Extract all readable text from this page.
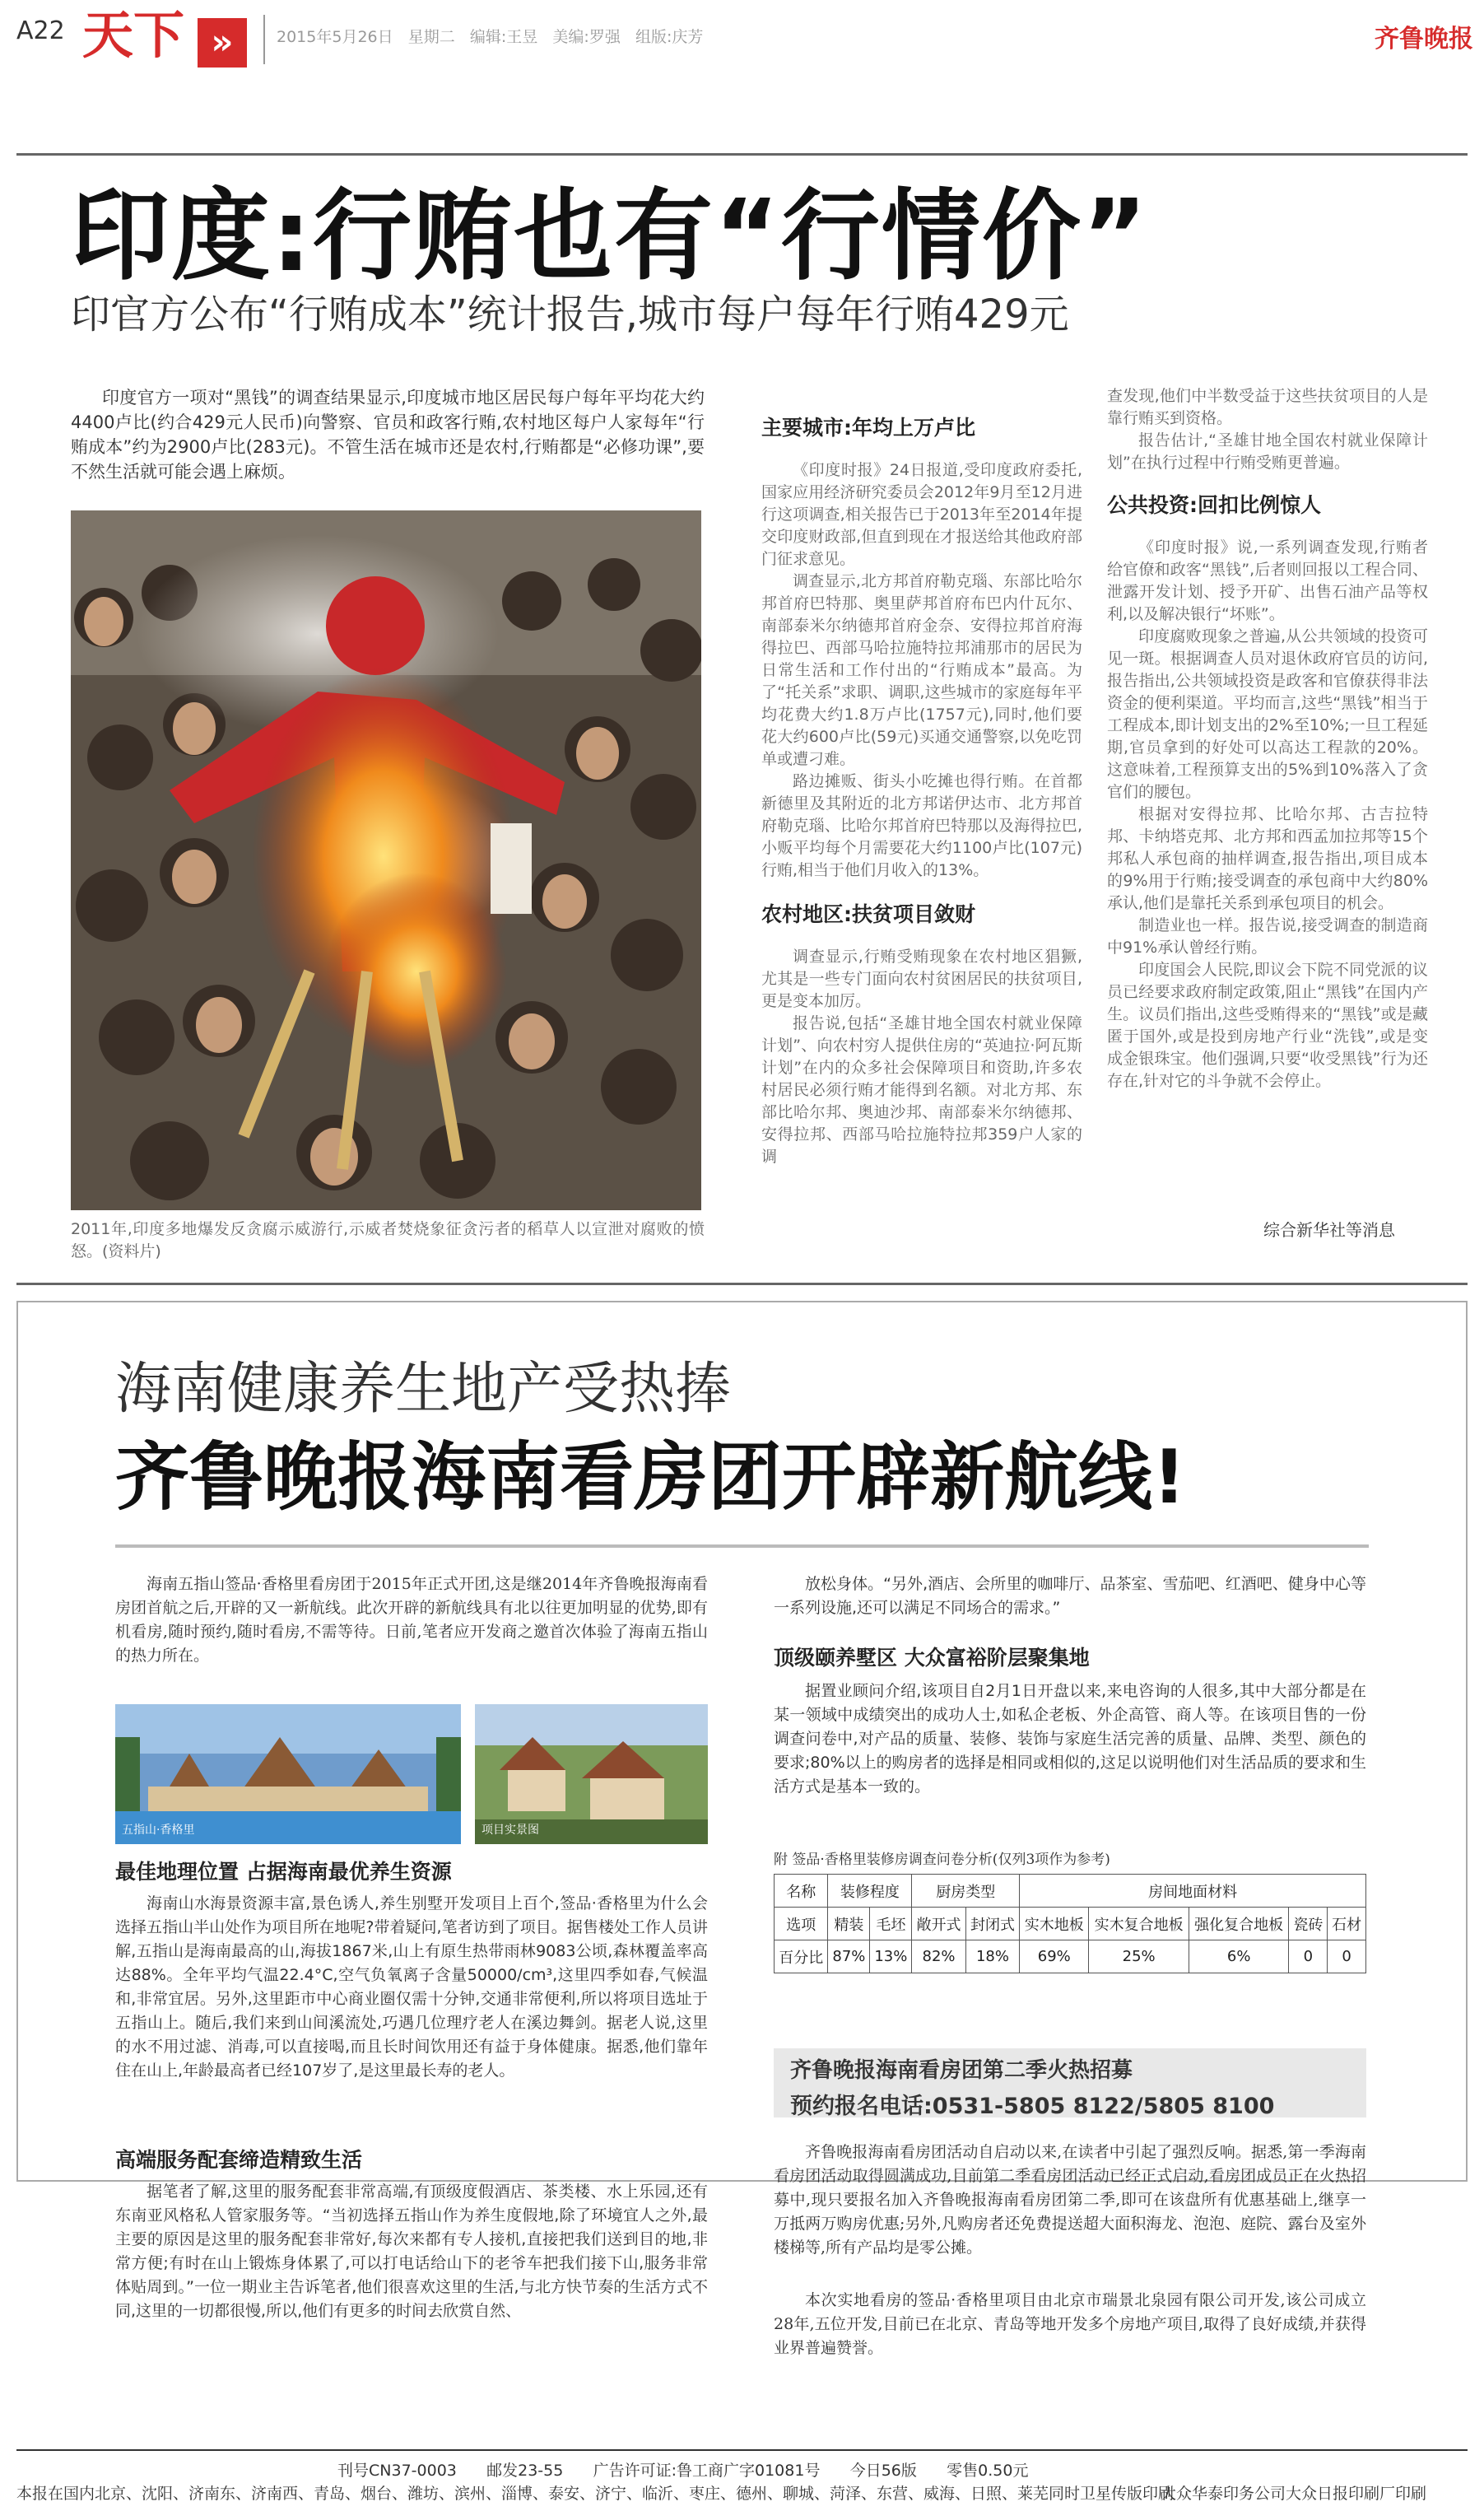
A22 天下 »	2015年5月26日 星期二 编辑:王昱 美编:罗强 组版:庆芳	齐鲁晚报
印度:行贿也有“行情价”
印官方公布“行贿成本”统计报告,城市每户每年行贿429元
印度官方一项对“黑钱”的调查结果显示,印度城市地区居民每户每年平均花大约4400卢比(约合429元人民币)向警察、官员和政客行贿,农村地区每户人家每年“行贿成本”约为2900卢比(283元)。不管生活在城市还是农村,行贿都是“必修功课”,要不然生活就可能会遇上麻烦。
2011年,印度多地爆发反贪腐示威游行,示威者焚烧象征贪污者的稻草人以宣泄对腐败的愤怒。(资料片)
主要城市:年均上万卢比

《印度时报》24日报道,受印度政府委托,国家应用经济研究委员会2012年9月至12月进行这项调查,相关报告已于2013年至2014年提交印度财政部,但直到现在才报送给其他政府部门征求意见。

调查显示,北方邦首府勒克瑙、东部比哈尔邦首府巴特那、奥里萨邦首府布巴内什瓦尔、南部泰米尔纳德邦首府金奈、安得拉邦首府海得拉巴、西部马哈拉施特拉邦浦那市的居民为日常生活和工作付出的“行贿成本”最高。为了“托关系”求职、调职,这些城市的家庭每年平均花费大约1.8万卢比(1757元),同时,他们要花大约600卢比(59元)买通交通警察,以免吃罚单或遭刁难。

路边摊贩、街头小吃摊也得行贿。在首都新德里及其附近的北方邦诺伊达市、北方邦首府勒克瑙、比哈尔邦首府巴特那以及海得拉巴,小贩平均每个月需要花大约1100卢比(107元)行贿,相当于他们月收入的13%。

农村地区:扶贫项目敛财

调查显示,行贿受贿现象在农村地区猖獗,尤其是一些专门面向农村贫困居民的扶贫项目,更是变本加厉。

报告说,包括“圣雄甘地全国农村就业保障计划”、向农村穷人提供住房的“英迪拉·阿瓦斯计划”在内的众多社会保障项目和资助,许多农村居民必须行贿才能得到名额。对北方邦、东部比哈尔邦、奥迪沙邦、南部泰米尔纳德邦、安得拉邦、西部马哈拉施特拉邦359户人家的调

查发现,他们中半数受益于这些扶贫项目的人是靠行贿买到资格。

报告估计,“圣雄甘地全国农村就业保障计划”在执行过程中行贿受贿更普遍。

公共投资:回扣比例惊人

《印度时报》说,一系列调查发现,行贿者给官僚和政客“黑钱”,后者则回报以工程合同、泄露开发计划、授予开矿、出售石油产品等权利,以及解决银行“坏账”。

印度腐败现象之普遍,从公共领域的投资可见一斑。根据调查人员对退休政府官员的访问,报告指出,公共领域投资是政客和官僚获得非法资金的便利渠道。平均而言,这些“黑钱”相当于工程成本,即计划支出的2%至10%;一旦工程延期,官员拿到的好处可以高达工程款的20%。这意味着,工程预算支出的5%到10%落入了贪官们的腰包。

根据对安得拉邦、比哈尔邦、古吉拉特邦、卡纳塔克邦、北方邦和西孟加拉邦等15个邦私人承包商的抽样调查,报告指出,项目成本的9%用于行贿;接受调查的承包商中大约80%承认,他们是靠托关系到承包项目的机会。

制造业也一样。报告说,接受调查的制造商中91%承认曾经行贿。

印度国会人民院,即议会下院不同党派的议员已经要求政府制定政策,阻止“黑钱”在国内产生。议员们指出,这些受贿得来的“黑钱”或是藏匿于国外,或是投到房地产行业“洗钱”,或是变成金银珠宝。他们强调,只要“收受黑钱”行为还存在,针对它的斗争就不会停止。

综合新华社等消息
海南健康养生地产受热捧
齐鲁晚报海南看房团开辟新航线!
海南五指山签品·香格里看房团于2015年正式开团,这是继2014年齐鲁晚报海南看房团首航之后,开辟的又一新航线。此次开辟的新航线具有北以往更加明显的优势,即有机看房,随时预约,随时看房,不需等待。日前,笔者应开发商之邀首次体验了海南五指山的热力所在。
五指山·香格里	项目实景图
最佳地理位置 占据海南最优养生资源
海南山水海景资源丰富,景色诱人,养生别墅开发项目上百个,签品·香格里为什么会选择五指山半山处作为项目所在地呢?带着疑问,笔者访到了项目。据售楼处工作人员讲解,五指山是海南最高的山,海拔1867米,山上有原生热带雨林9083公顷,森林覆盖率高达88%。全年平均气温22.4°C,空气负氧离子含量50000/cm³,这里四季如春,气候温和,非常宜居。另外,这里距市中心商业圈仅需十分钟,交通非常便利,所以将项目选址于五指山上。随后,我们来到山间溪流处,巧遇几位理疗老人在溪边舞剑。据老人说,这里的水不用过滤、消毒,可以直接喝,而且长时间饮用还有益于身体健康。据悉,他们靠年住在山上,年龄最高者已经107岁了,是这里最长寿的老人。
高端服务配套缔造精致生活
据笔者了解,这里的服务配套非常高端,有顶级度假酒店、茶类楼、水上乐园,还有东南亚风格私人管家服务等。“当初选择五指山作为养生度假地,除了环境宜人之外,最主要的原因是这里的服务配套非常好,每次来都有专人接机,直接把我们送到目的地,非常方便;有时在山上锻炼身体累了,可以打电话给山下的老爷车把我们接下山,服务非常体贴周到。”一位一期业主告诉笔者,他们很喜欢这里的生活,与北方快节奏的生活方式不同,这里的一切都很慢,所以,他们有更多的时间去欣赏自然、
放松身体。“另外,酒店、会所里的咖啡厅、品茶室、雪茄吧、红酒吧、健身中心等一系列设施,还可以满足不同场合的需求。”
顶级颐养墅区 大众富裕阶层聚集地
据置业顾问介绍,该项目自2月1日开盘以来,来电咨询的人很多,其中大部分都是在某一领域中成绩突出的成功人士,如私企老板、外企高管、商人等。在该项目售的一份调查问卷中,对产品的质量、装修、装饰与家庭生活完善的质量、品牌、类型、颜色的要求;80%以上的购房者的选择是相同或相似的,这足以说明他们对生活品质的要求和生活方式是基本一致的。
附 签品·香格里装修房调查问卷分析(仅列3项作为参考)
名称	装修程度		厨房类型		房间地面材料				
选项	精装	毛坯	敞开式	封闭式	实木地板	实木复合地板	强化复合地板	瓷砖	石材
百分比	87%	13%	82%	18%	69%	25%	6%	0	0
齐鲁晚报海南看房团第二季火热招募
预约报名电话:0531-5805 8122/5805 8100
齐鲁晚报海南看房团活动自启动以来,在读者中引起了强烈反响。据悉,第一季海南看房团活动取得圆满成功,目前第二季看房团活动已经正式启动,看房团成员正在火热招募中,现只要报名加入齐鲁晚报海南看房团第二季,即可在该盘所有优惠基础上,继享一万抵两万购房优惠;另外,凡购房者还免费提送超大面积海龙、泡泡、庭院、露台及室外楼梯等,所有产品均是零公摊。
本次实地看房的签品·香格里项目由北京市瑞景北泉园有限公司开发,该公司成立28年,五位开发,目前已在北京、青岛等地开发多个房地产项目,取得了良好成绩,并获得业界普遍赞誉。
刊号CN37-0003 邮发23-55 广告许可证:鲁工商广字01081号 今日56版 零售0.50元
本报在国内北京、沈阳、济南东、济南西、青岛、烟台、潍坊、滨州、淄博、泰安、济宁、临沂、枣庄、德州、聊城、菏泽、东营、威海、日照、莱芜同时卫星传版印刷
大众华泰印务公司大众日报印刷厂印刷
